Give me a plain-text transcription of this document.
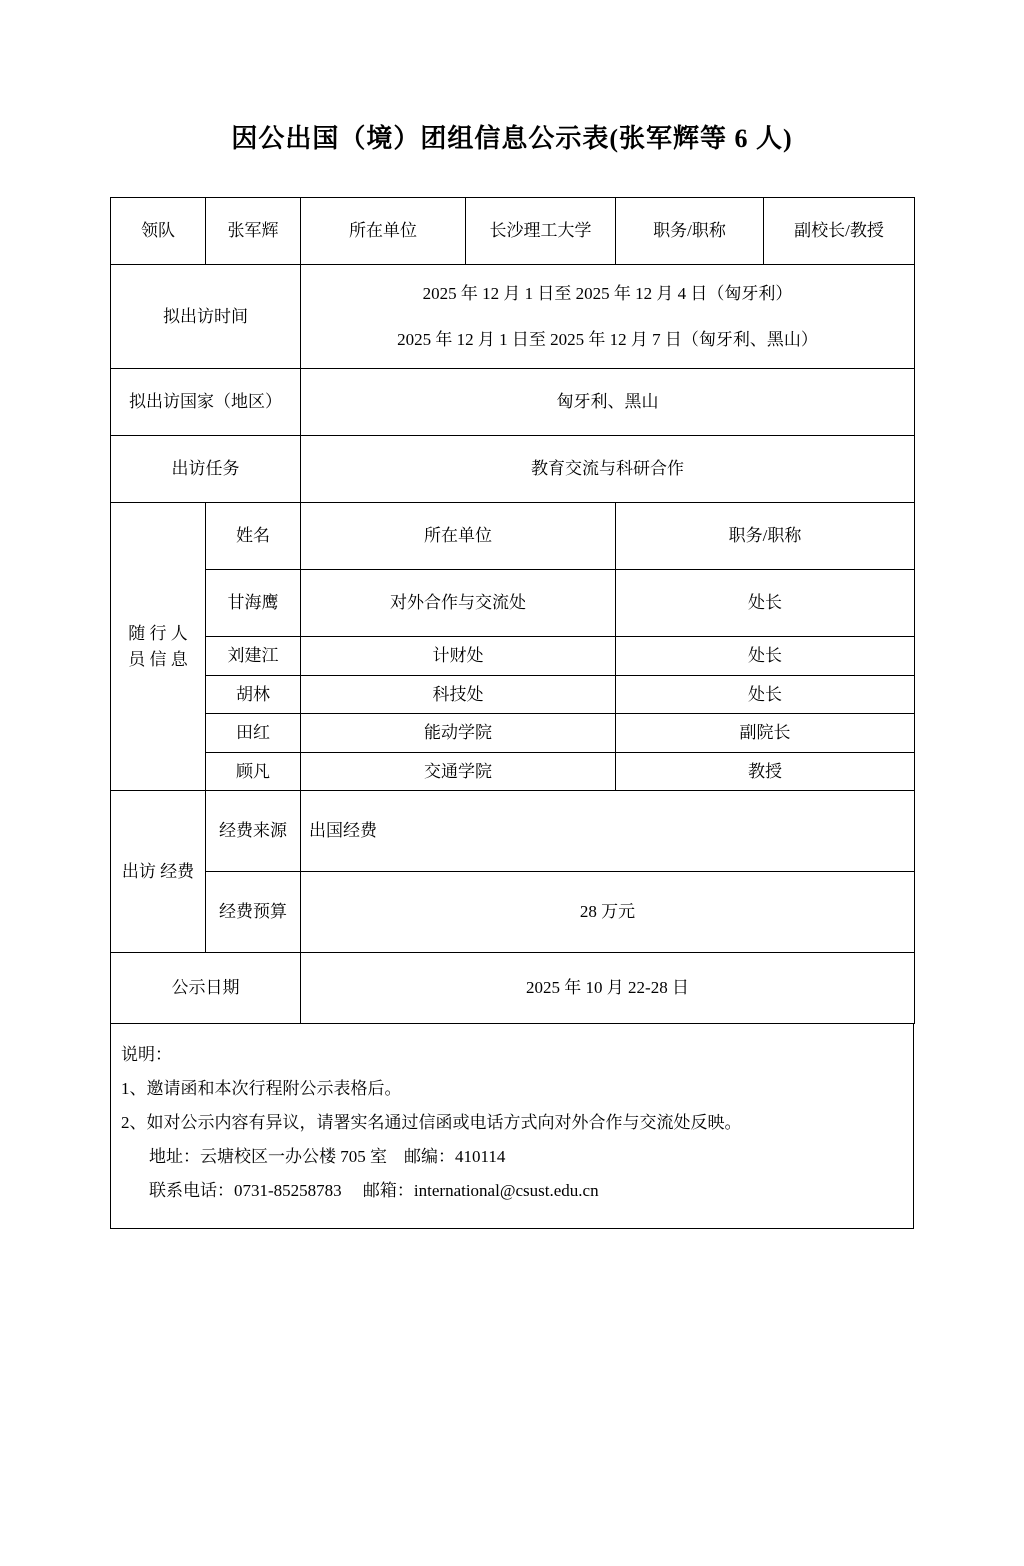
因公出国（境）团组信息公示表(张军辉等 6 人)
领队	张军辉	所在单位	长沙理工大学	职务/职称	副校长/教授
拟出访时间		2025 年 12 月 1 日至 2025 年 12 月 4 日（匈牙利）
2025 年 12 月 1 日至 2025 年 12 月 7 日（匈牙利、黑山）			

拟出访国家（地区）		匈牙利、黑山			
出访任务		教育交流与科研合作			
随 行 人 员 信 息	姓名	所在单位		职务/职称	
	甘海鹰	对外合作与交流处		处长	
	刘建江	计财处		处长	
	胡林	科技处		处长	
	田红	能动学院		副院长	
	顾凡	交通学院		教授	
出访 经费	经费来源	出国经费			
	经费预算	28 万元			
公示日期		2025 年 10 月 22-28 日			
说明：
1、邀请函和本次行程附公示表格后。
2、如对公示内容有异议，请署实名通过信函或电话方式向对外合作与交流处反映。
地址：云塘校区一办公楼 705 室　邮编：410114
联系电话：0731-85258783 　邮箱：international@csust.edu.cn
